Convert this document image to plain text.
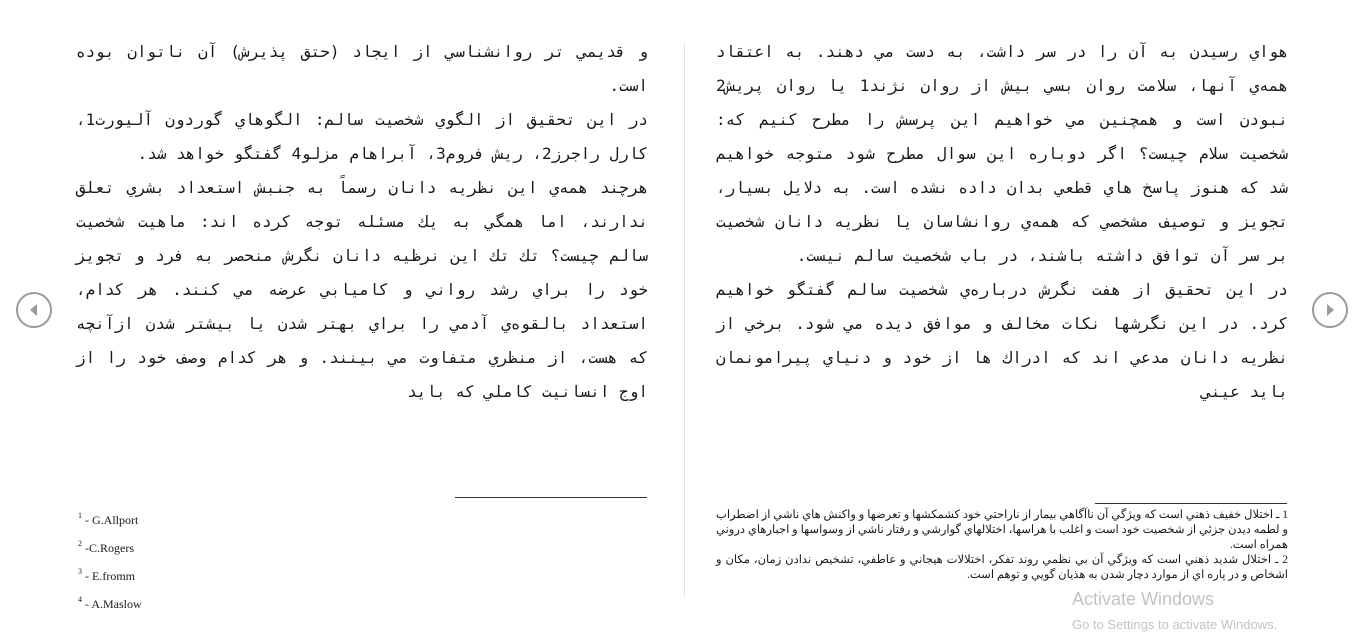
و قديمي تر روانشناسي از ايجاد (حتق پذيرش) آن ناتوان بوده است.

در اين تحقيق از الگوي شخصيت سالم: الگوهاي گوردون آليورت1، كارل راجرز2، ريش فروم3، آبراهام مزلو4 گفتگو خواهد شد.

هرچند همه‌ي اين نظريه دانان رسماً به جنبش استعداد بشري تعلق ندارند، اما همگي به يك مسئله توجه كرده اند: ماهيت شخصيت سالم چيست؟ تك تك اين نرظيه دانان نگرش منحصر به فرد و تجويز خود را براي رشد رواني و كاميابي عرضه مي كنند. هر كدام، استعداد بالقوه‌ي آدمي را براي بهتر شدن يا بيشتر شدن ازآنچه كه هست، از منظري متفاوت مي بينند. و هر كدام وصف خود را از اوج انسانيت كاملي كه بايد

هواي رسيدن به آن را در سر داشت، به دست مي دهند. به اعتقاد همه‌ي آنها، سلامت روان بسي بيش از روان نژند1 يا روان پريش2 نبودن است و همچنين مي خواهيم اين پرسش را مطرح كنيم كه: شخصيت سلام چيست؟ اگر دوباره اين سوال مطرح شود متوجه خواهيم شد كه هنوز پاسخ هاي قطعي بدان داده نشده است. به دلايل بسيار، تجويز و توصيف مشخصي كه همه‌ي روانشاسان يا نظريه دانان شخصيت بر سر آن توافق داشته باشند، در باب شخصيت سالم نيست.

در اين تحقيق از هفت نگرش درباره‌ي شخصيت سالم گفتگو خواهيم كرد. در اين نگرشها نكات مخالف و موافق ديده مي شود. برخي از نظريه دانان مدعي اند كه ادراك ها از خود و دنياي پيرامونمان بايد عيني

$^1$ - G.Allport
$^2$ -C.Rogers
$^3$ - E.fromm
$^4$ - A.Maslow

1 ـ اختلال خفيف ذهني است كه ويژگي آن ناآگاهي بيمار از ناراحتي خود كشمكشها و تعرضها و واكنش هاي ناشي از اضطراب و لطمه ديدن جزئي از شخصيت خود است و اغلب با هراسها، اختلالهاي گوارشي و رفتار ناشي از وسواسها و اجبارهاي دروني همراه است.

2 ـ اختلال شديد ذهني است كه ويژگي آن بي نظمي روند تفكر، اختلالات هيجاني و عاطفي، تشخيص ندادن زمان، مكان و اشخاص و در پاره اي از موارد دچار شدن به هذيان گويي و توهم است.

Activate Windows
Go to Settings to activate Windows.
